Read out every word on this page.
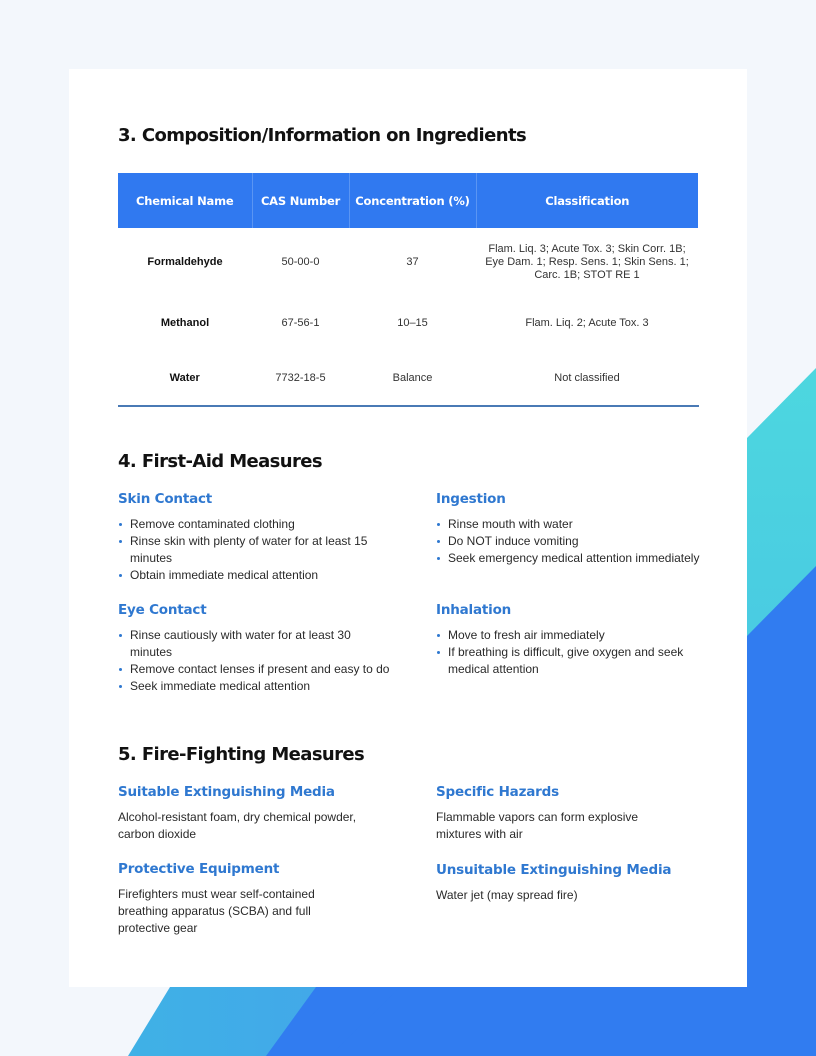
3. Composition/Information on Ingredients
Chemical Name	CAS Number	Concentration (%)	Classification
Formaldehyde	50-00-0	37	Flam. Liq. 3; Acute Tox. 3; Skin Corr. 1B; Eye Dam. 1; Resp. Sens. 1; Skin Sens. 1; Carc. 1B; STOT RE 1
Methanol	67-56-1	10–15	Flam. Liq. 2; Acute Tox. 3
Water	7732-18-5	Balance	Not classified
4. First-Aid Measures
Skin Contact
Remove contaminated clothing
Rinse skin with plenty of water for at least 15 minutes
Obtain immediate medical attention
Ingestion
Rinse mouth with water
Do NOT induce vomiting
Seek emergency medical attention immediately
Eye Contact
Rinse cautiously with water for at least 30 minutes
Remove contact lenses if present and easy to do
Seek immediate medical attention
Inhalation
Move to fresh air immediately
If breathing is difficult, give oxygen and seek medical attention
5. Fire-Fighting Measures
Suitable Extinguishing Media

Alcohol-resistant foam, dry chemical powder, carbon dioxide

Specific Hazards

Flammable vapors can form explosive mixtures with air

Protective Equipment

Firefighters must wear self-contained breathing apparatus (SCBA) and full protective gear

Unsuitable Extinguishing Media

Water jet (may spread fire)
